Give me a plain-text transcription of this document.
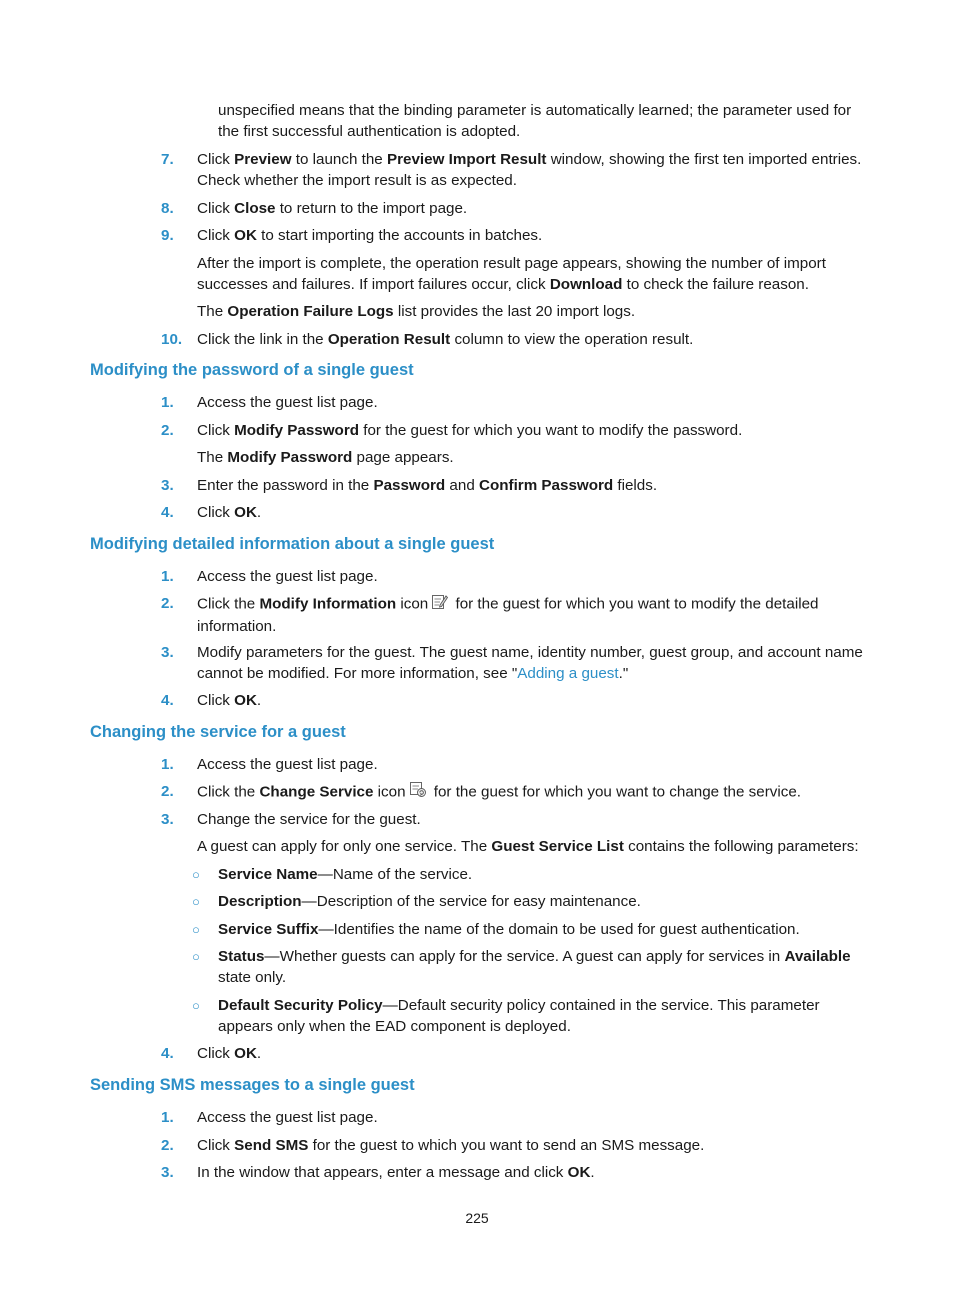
unspecified means that the binding parameter is automatically learned; the parameter used for the first successful authentication is adopted.
7. Click Preview to launch the Preview Import Result window, showing the first ten imported entries. Check whether the import result is as expected.
8. Click Close to return to the import page.
9. Click OK to start importing the accounts in batches.
After the import is complete, the operation result page appears, showing the number of import successes and failures. If import failures occur, click Download to check the failure reason.
The Operation Failure Logs list provides the last 20 import logs.
10. Click the link in the Operation Result column to view the operation result.
Modifying the password of a single guest
1. Access the guest list page.
2. Click Modify Password for the guest for which you want to modify the password.
The Modify Password page appears.
3. Enter the password in the Password and Confirm Password fields.
4. Click OK.
Modifying detailed information about a single guest
1. Access the guest list page.
2. Click the Modify Information icon for the guest for which you want to modify the detailed information.
3. Modify parameters for the guest. The guest name, identity number, guest group, and account name cannot be modified. For more information, see "Adding a guest."
4. Click OK.
Changing the service for a guest
1. Access the guest list page.
2. Click the Change Service icon for the guest for which you want to change the service.
3. Change the service for the guest.
A guest can apply for only one service. The Guest Service List contains the following parameters:
○ Service Name—Name of the service.
○ Description—Description of the service for easy maintenance.
○ Service Suffix—Identifies the name of the domain to be used for guest authentication.
○ Status—Whether guests can apply for the service. A guest can apply for services in Available state only.
○ Default Security Policy—Default security policy contained in the service. This parameter appears only when the EAD component is deployed.
4. Click OK.
Sending SMS messages to a single guest
1. Access the guest list page.
2. Click Send SMS for the guest to which you want to send an SMS message.
3. In the window that appears, enter a message and click OK.
225
